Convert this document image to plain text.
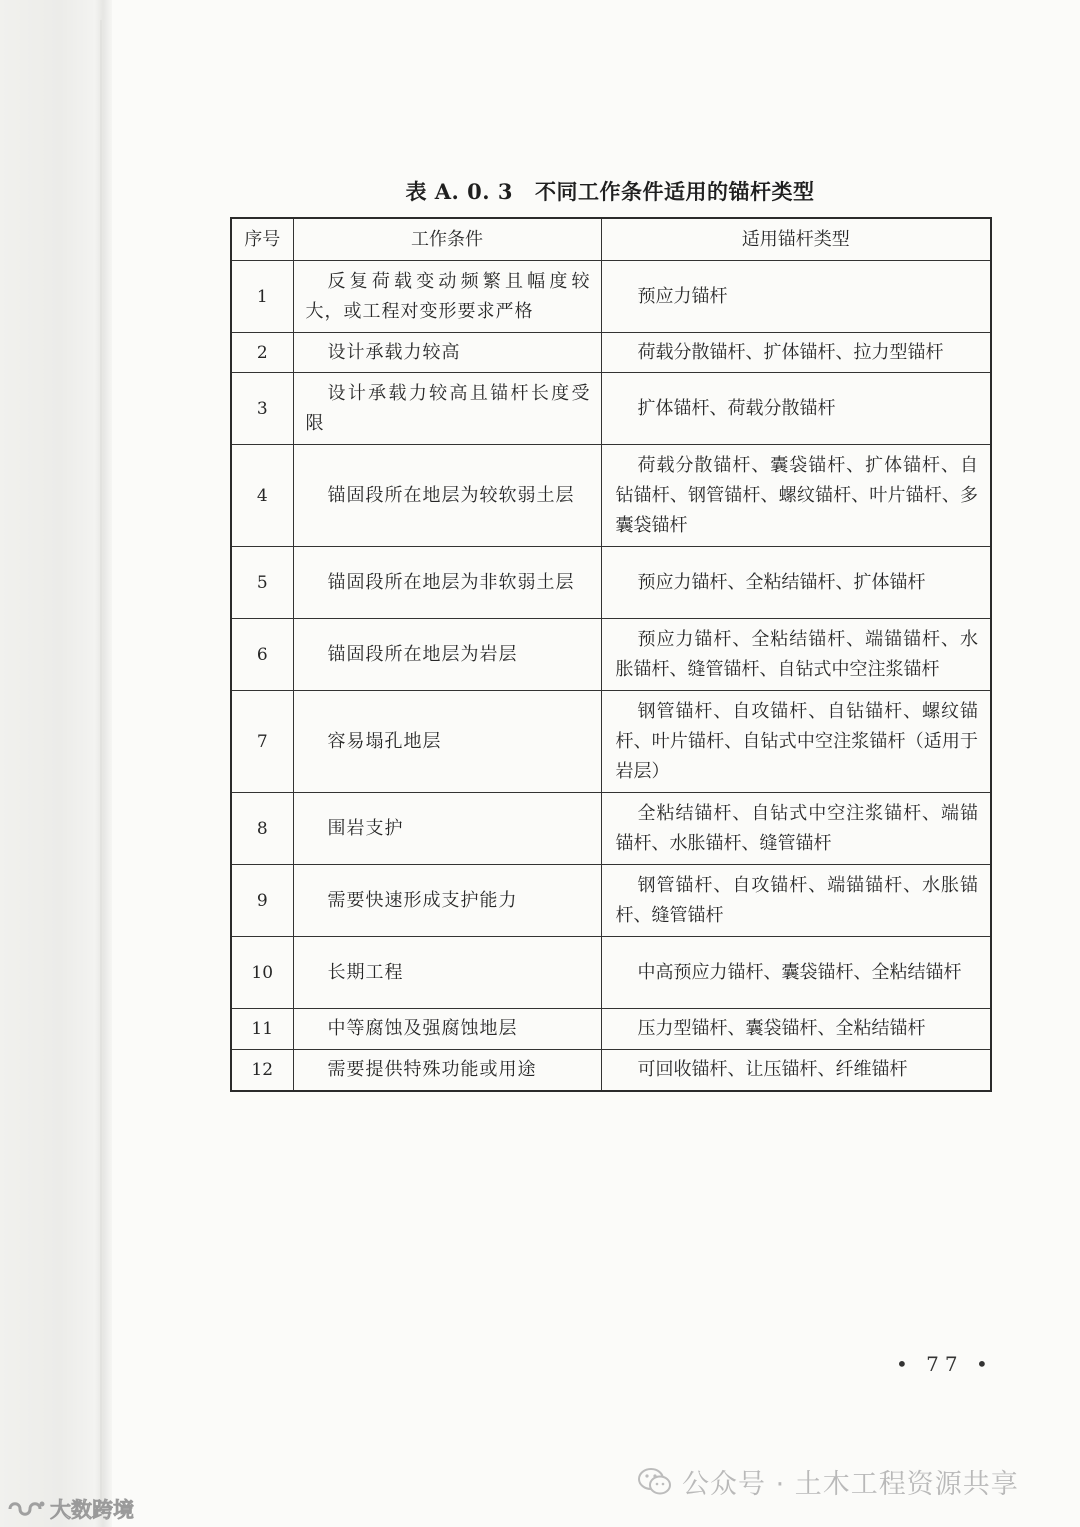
表 A. 0. 3 不同工作条件适用的锚杆类型
序号	工作条件	适用锚杆类型
1	反复荷载变动频繁且幅度较大，或工程对变形要求严格	预应力锚杆
2	设计承载力较高	荷载分散锚杆、扩体锚杆、拉力型锚杆
3	设计承载力较高且锚杆长度受限	扩体锚杆、荷载分散锚杆
4	锚固段所在地层为较软弱土层	荷载分散锚杆、囊袋锚杆、扩体锚杆、自钻锚杆、钢管锚杆、螺纹锚杆、叶片锚杆、多囊袋锚杆
5	锚固段所在地层为非软弱土层	预应力锚杆、全粘结锚杆、扩体锚杆
6	锚固段所在地层为岩层	预应力锚杆、全粘结锚杆、端锚锚杆、水胀锚杆、缝管锚杆、自钻式中空注浆锚杆
7	容易塌孔地层	钢管锚杆、自攻锚杆、自钻锚杆、螺纹锚杆、叶片锚杆、自钻式中空注浆锚杆（适用于岩层）
8	围岩支护	全粘结锚杆、自钻式中空注浆锚杆、端锚锚杆、水胀锚杆、缝管锚杆
9	需要快速形成支护能力	钢管锚杆、自攻锚杆、端锚锚杆、水胀锚杆、缝管锚杆
10	长期工程	中高预应力锚杆、囊袋锚杆、全粘结锚杆
11	中等腐蚀及强腐蚀地层	压力型锚杆、囊袋锚杆、全粘结锚杆
12	需要提供特殊功能或用途	可回收锚杆、让压锚杆、纤维锚杆
• 77 •
公众号 · 土木工程资源共享
大数跨境
